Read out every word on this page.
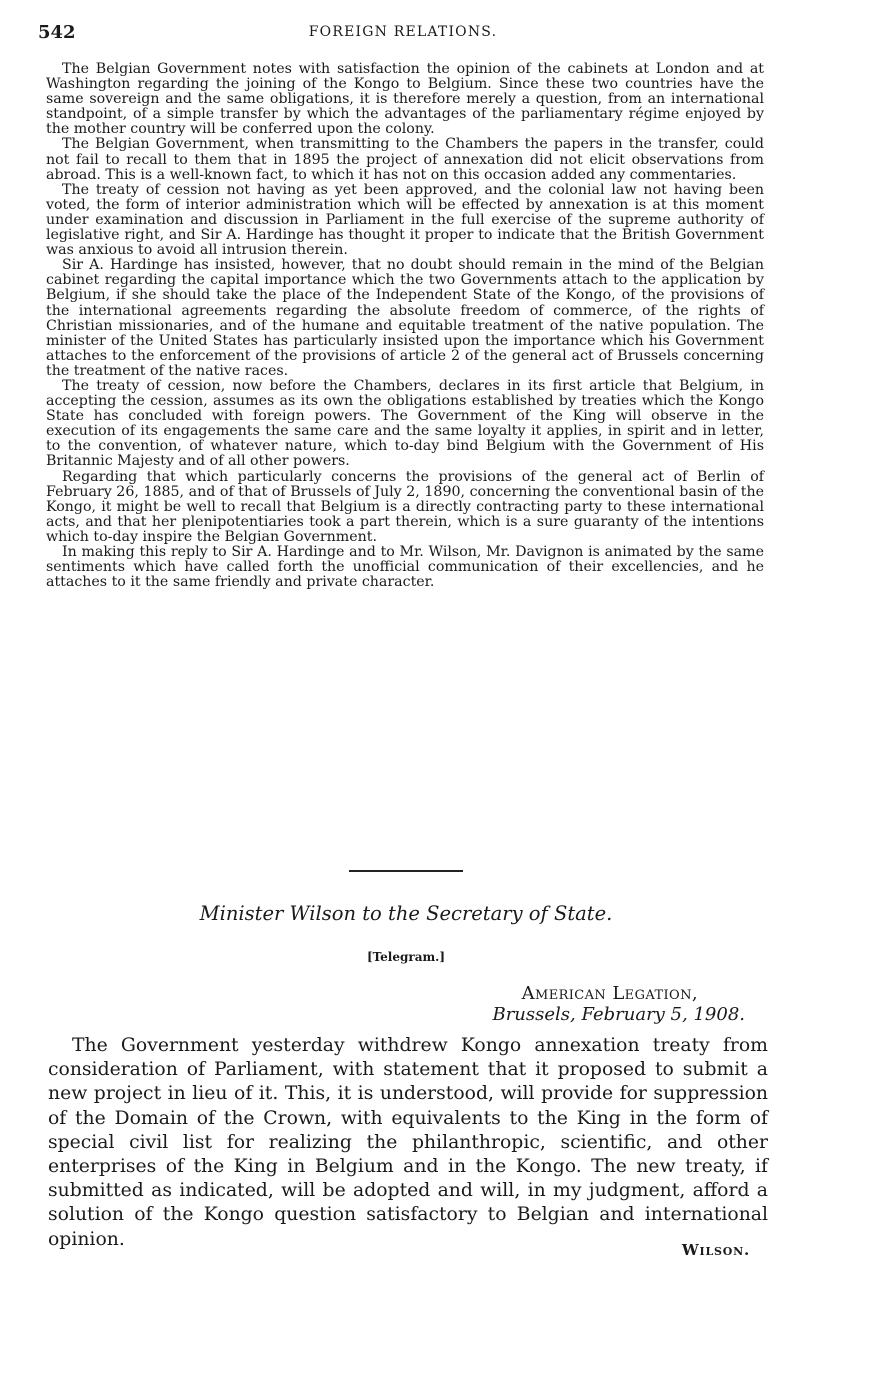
542	FOREIGN RELATIONS.

The Belgian Government notes with satisfaction the opinion of the cabinets at London and at Washington regarding the joining of the Kongo to Belgium. Since these two countries have the same sovereign and the same obligations, it is therefore merely a question, from an international standpoint, of a simple transfer by which the advantages of the parliamentary régime enjoyed by the mother country will be conferred upon the colony.

The Belgian Government, when transmitting to the Chambers the papers in the transfer, could not fail to recall to them that in 1895 the project of annexation did not elicit observations from abroad. This is a well-known fact, to which it has not on this occasion added any commentaries.

The treaty of cession not having as yet been approved, and the colonial law not having been voted, the form of interior administration which will be effected by annexation is at this moment under examination and discussion in Parliament in the full exercise of the supreme authority of legislative right, and Sir A. Hardinge has thought it proper to indicate that the British Government was anxious to avoid all intrusion therein.

Sir A. Hardinge has insisted, however, that no doubt should remain in the mind of the Belgian cabinet regarding the capital importance which the two Governments attach to the application by Belgium, if she should take the place of the Independent State of the Kongo, of the provisions of the international agreements regarding the absolute freedom of commerce, of the rights of Christian missionaries, and of the humane and equitable treatment of the native population. The minister of the United States has particularly insisted upon the importance which his Government attaches to the enforcement of the provisions of article 2 of the general act of Brussels concerning the treatment of the native races.

The treaty of cession, now before the Chambers, declares in its first article that Belgium, in accepting the cession, assumes as its own the obligations established by treaties which the Kongo State has concluded with foreign powers. The Government of the King will observe in the execution of its engagements the same care and the same loyalty it applies, in spirit and in letter, to the convention, of whatever nature, which to-day bind Belgium with the Government of His Britannic Majesty and of all other powers.

Regarding that which particularly concerns the provisions of the general act of Berlin of February 26, 1885, and of that of Brussels of July 2, 1890, concerning the conventional basin of the Kongo, it might be well to recall that Belgium is a directly contracting party to these international acts, and that her plenipotentiaries took a part therein, which is a sure guaranty of the intentions which to-day inspire the Belgian Government.

In making this reply to Sir A. Hardinge and to Mr. Wilson, Mr. Davignon is animated by the same sentiments which have called forth the unofficial communication of their excellencies, and he attaches to it the same friendly and private character.

Minister Wilson to the Secretary of State.
[Telegram.]
American Legation,
Brussels, February 5, 1908.

The Government yesterday withdrew Kongo annexation treaty from consideration of Parliament, with statement that it proposed to submit a new project in lieu of it. This, it is understood, will provide for suppression of the Domain of the Crown, with equivalents to the King in the form of special civil list for realizing the philanthropic, scientific, and other enterprises of the King in Belgium and in the Kongo. The new treaty, if submitted as indicated, will be adopted and will, in my judgment, afford a solution of the Kongo question satisfactory to Belgian and international opinion.

Wilson.
